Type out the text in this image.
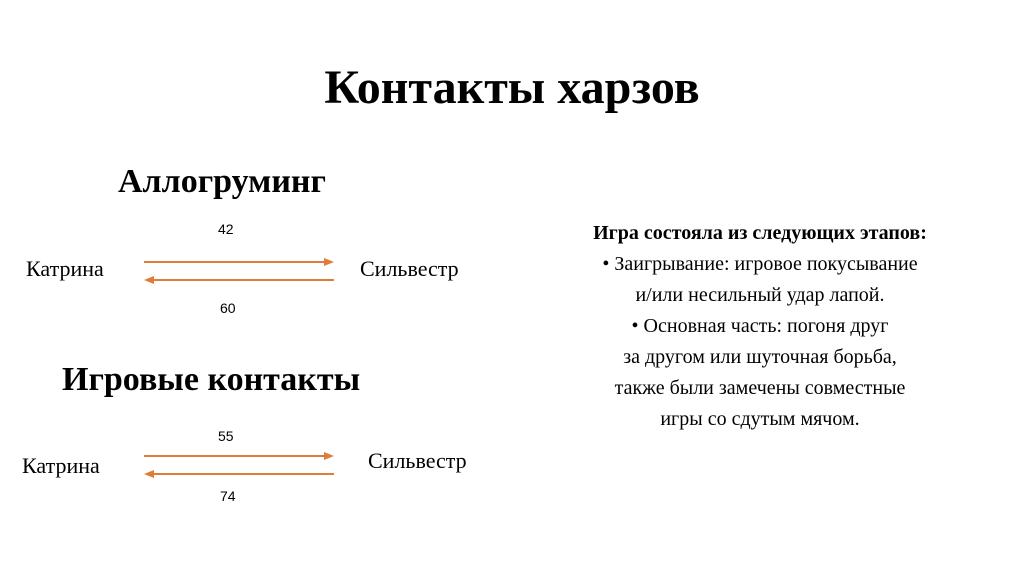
Контакты харзов
Аллогруминг
42
Катрина	Сильвестр
60
Игровые контакты
55
Сильвестр
Катрина
74
Игра состояла из следующих этапов:
• Заигрывание: игровое покусывание
и/или несильный удар лапой.
• Основная часть: погоня друг
за другом или шуточная борьба,
также были замечены совместные
игры со сдутым мячом.
